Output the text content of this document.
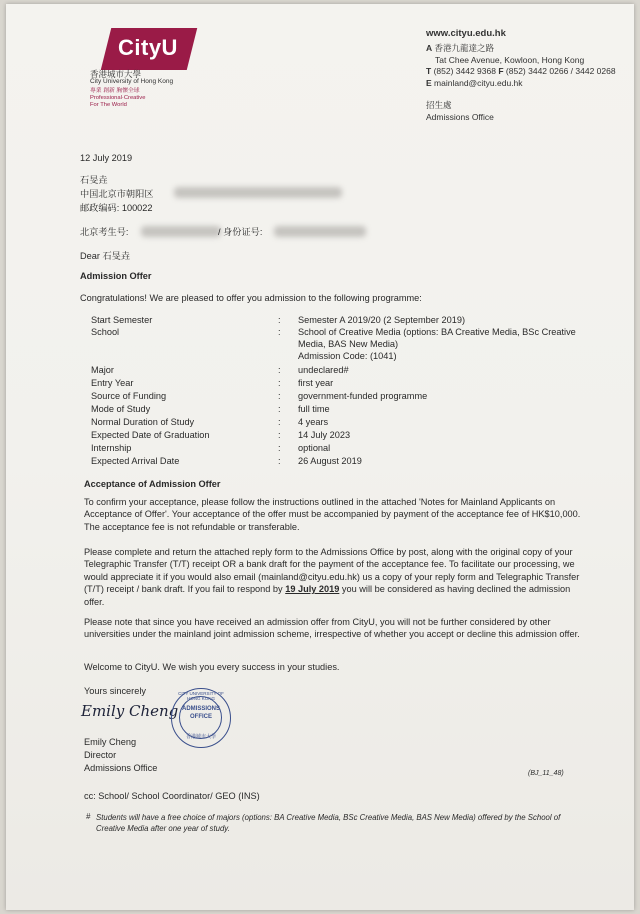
CityU
香港城市大學
City University of Hong Kong
專業 創新 胸懷全球
Professional·Creative
For The World
www.cityu.edu.hk
A 香港九龍達之路
Tat Chee Avenue, Kowloon, Hong Kong
T (852) 3442 9368 F (852) 3442 0266 / 3442 0268
E mainland@cityu.edu.hk
招生處
Admissions Office
12 July 2019
石旻垚
中国北京市朝阳区
邮政编码: 100022
北京考生号:	/ 身份证号:
Dear 石旻垚
Admission Offer
Congratulations! We are pleased to offer you admission to the following programme:
Start Semester	: Semester A 2019/20 (2 September 2019)
School	: School of Creative Media (options: BA Creative Media, BSc Creative Media, BAS New Media)
Admission Code: (1041)
Major	: undeclared#
Entry Year	: first year
Source of Funding	: government-funded programme
Mode of Study	: full time
Normal Duration of Study	: 4 years
Expected Date of Graduation	: 14 July 2023
Internship	: optional
Expected Arrival Date	: 26 August 2019
Acceptance of Admission Offer
To confirm your acceptance, please follow the instructions outlined in the attached 'Notes for Mainland Applicants on Acceptance of Offer'. Your acceptance of the offer must be accompanied by payment of the acceptance fee of HK$10,000. The acceptance fee is not refundable or transferable.
Please complete and return the attached reply form to the Admissions Office by post, along with the original copy of your Telegraphic Transfer (T/T) receipt OR a bank draft for the payment of the acceptance fee. To facilitate our processing, we would appreciate it if you would also email (mainland@cityu.edu.hk) us a copy of your reply form and Telegraphic Transfer (T/T) receipt / bank draft. If you fail to respond by 19 July 2019 you will be considered as having declined the admission offer.
Please note that since you have received an admission offer from CityU, you will not be further considered by other universities under the mainland joint admission scheme, irrespective of whether you accept or decline this admission offer.
Welcome to CityU. We wish you every success in your studies.
Yours sincerely
Emily Cheng
CITY UNIVERSITY OF HONG KONG
ADMISSIONS
OFFICE
香港城市大學
Emily Cheng
Director
Admissions Office
(BJ_11_48)
cc: School/ School Coordinator/ GEO (INS)
# Students will have a free choice of majors (options: BA Creative Media, BSc Creative Media, BAS New Media) offered by the School of Creative Media after one year of study.
